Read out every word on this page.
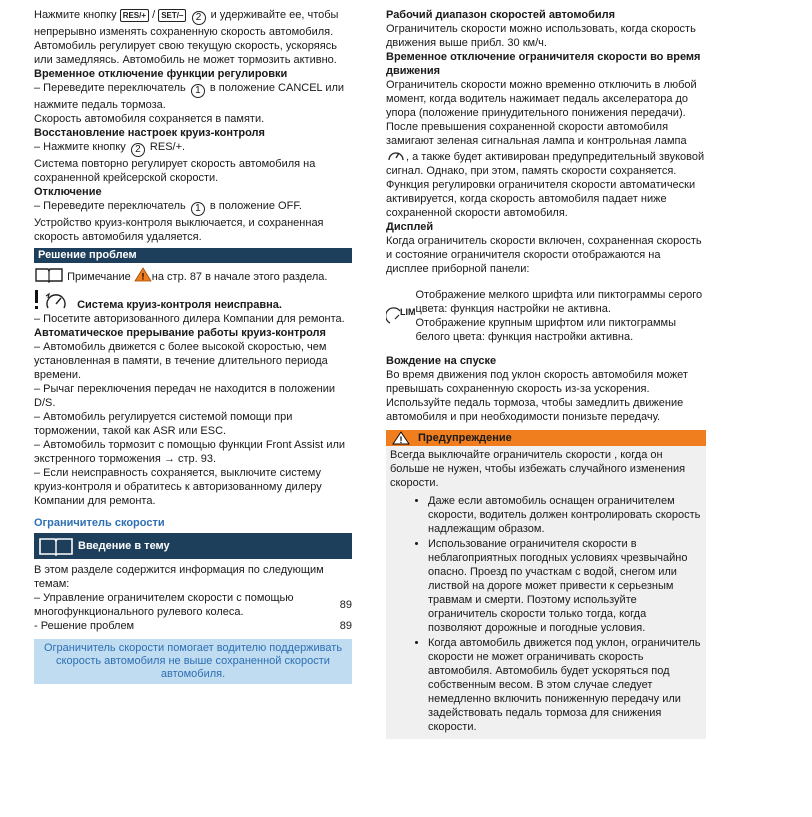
Нажмите кнопку RES/+ / SET/– 2 и удерживайте ее, чтобы непрерывно изменять сохраненную скорость автомобиля. Автомобиль регулирует свою текущую скорость, ускоряясь или замедляясь. Автомобиль не может тормозить активно.

Временное отключение функции регулировки

– Переведите переключатель 1 в положение CANCEL или нажмите педаль тормоза.

Скорость автомобиля сохраняется в памяти.

Восстановление настроек круиз-контроля

– Нажмите кнопку 2 RES/+.

Система повторно регулирует скорость автомобиля на сохраненной крейсерской скорости.

Отключение

– Переведите переключатель 1 в положение OFF.

Устройство круиз-контроля выключается, и сохраненная скорость автомобиля удаляется.

Решение проблем

Примечание ! на стр. 87 в начале этого раздела.

Система круиз-контроля неисправна.

– Посетите авторизованного дилера Компании для ремонта.

Автоматическое прерывание работы круиз-контроля

– Автомобиль движется с более высокой скоростью, чем установленная в памяти, в течение длительного периода времени.

– Рычаг переключения передач не находится в положении D/S.

– Автомобиль регулируется системой помощи при торможении, такой как ASR или ESC.

– Автомобиль тормозит с помощью функции Front Assist или экстренного торможения → стр. 93.

– Если неисправность сохраняется, выключите систему круиз-контроля и обратитесь к авторизованному дилеру Компании для ремонта.

Ограничитель скорости

Введение в тему

В этом разделе содержится информация по следующим темам:

– Управление ограничителем скорости с помощью многофункционального рулевого колеса.
89
- Решение проблем	89
Ограничитель скорости помогает водителю поддерживать скорость автомобиля не выше сохраненной скорости автомобиля.

Рабочий диапазон скоростей автомобиля

Ограничитель скорости можно использовать, когда скорость движения выше прибл. 30 км/ч.

Временное отключение ограничителя скорости во время движения

Ограничитель скорости можно временно отключить в любой момент, когда водитель нажимает педаль акселератора до упора (положение принудительного понижения передачи). После превышения сохраненной скорости автомобиля замигают зеленая сигнальная лампа и контрольная лампа , а также будет активирован предупредительный звуковой сигнал. Однако, при этом, память скорости сохраняется. Функция регулировки ограничителя скорости автоматически активируется, когда скорость автомобиля падает ниже сохраненной скорости автомобиля.

Дисплей

Когда ограничитель скорости включен, сохраненная скорость и состояние ограничителя скорости отображаются на дисплее приборной панели:

LIM

Отображение мелкого шрифта или пиктограммы серого цвета: функция настройки не активна.

Отображение крупным шрифтом или пиктограммы белого цвета: функция настройки активна.

Вождение на спуске

Во время движения под уклон скорость автомобиля может превышать сохраненную скорость из-за ускорения. Используйте педаль тормоза, чтобы замедлить движение автомобиля и при необходимости понизьте передачу.

! Предупреждение

Всегда выключайте ограничитель скорости , когда он больше не нужен, чтобы избежать случайного изменения скорости.

• Даже если автомобиль оснащен ограничителем скорости, водитель должен контролировать скорость надлежащим образом.
• Использование ограничителя скорости в неблагоприятных погодных условиях чрезвычайно опасно. Проезд по участкам с водой, снегом или листвой на дороге может привести к серьезным травмам и смерти. Поэтому используйте ограничитель скорости только тогда, когда позволяют дорожные и погодные условия.
• Когда автомобиль движется под уклон, ограничитель скорости не может ограничивать скорость автомобиля. Автомобиль будет ускоряться под собственным весом. В этом случае следует немедленно включить пониженную передачу или задействовать педаль тормоза для снижения скорости.
